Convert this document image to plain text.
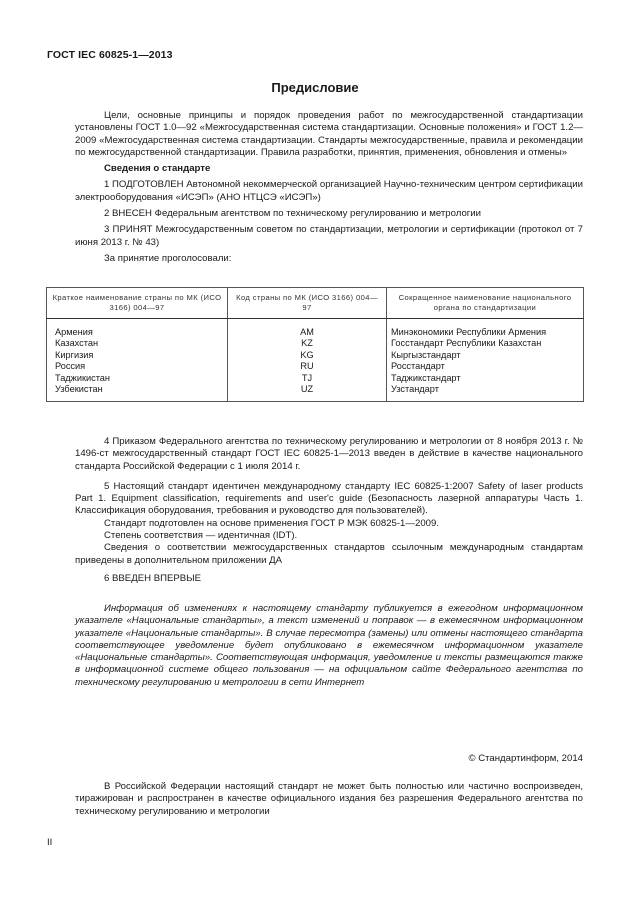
ГОСТ IEC 60825-1—2013
Предисловие

Цели, основные принципы и порядок проведения работ по межгосударственной стандартизации установлены ГОСТ 1.0—92 «Межгосударственная система стандартизации. Основные положения» и ГОСТ 1.2—2009 «Межгосударственная система стандартизации. Стандарты межгосударственные, правила и рекомендации по межгосударственной стандартизации. Правила разработки, принятия, применения, обновления и отмены»

Сведения о стандарте

1 ПОДГОТОВЛЕН Автономной некоммерческой организацией Научно-техническим центром сертификации электрооборудования «ИСЭП» (АНО НТЦСЭ «ИСЭП»)

2 ВНЕСЕН Федеральным агентством по техническому регулированию и метрологии

3 ПРИНЯТ Межгосударственным советом по стандартизации, метрологии и сертификации (протокол от 7 июня 2013 г. № 43)

За принятие проголосовали:

Краткое наименование страны по МК (ИСО 3166) 004—97	Код страны по МК (ИСО 3166) 004—97	Сокращенное наименование национального органа по стандартизации
Армения	AM	Минэкономики Республики Армения
Казахстан	KZ	Госстандарт Республики Казахстан
Киргизия	KG	Кыргызстандарт
Россия	RU	Росстандарт
Таджикистан	TJ	Таджикстандарт
Узбекистан	UZ	Узстандарт

4 Приказом Федерального агентства по техническому регулированию и метрологии от 8 ноября 2013 г. № 1496-ст межгосударственный стандарт ГОСТ IEC 60825-1—2013 введен в действие в качестве национального стандарта Российской Федерации с 1 июля 2014 г.

5 Настоящий стандарт идентичен международному стандарту IEC 60825-1:2007 Safety of laser products Part 1. Equipment classification, requirements and user'c guide (Безопасность лазерной аппаратуры Часть 1. Классификация оборудования, требования и руководство для пользователей).

Стандарт подготовлен на основе применения ГОСТ Р МЭК 60825-1—2009.

Степень соответствия — идентичная (IDT).

Сведения о соответствии межгосударственных стандартов ссылочным международным стандартам приведены в дополнительном приложении ДА

6 ВВЕДЕН ВПЕРВЫЕ

Информация об изменениях к настоящему стандарту публикуется в ежегодном информационном указателе «Национальные стандарты», а текст изменений и поправок — в ежемесячном информационном указателе «Национальные стандарты». В случае пересмотра (замены) или отмены настоящего стандарта соответствующее уведомление будет опубликовано в ежемесячном информационном указателе «Национальные стандарты». Соответствующая информация, уведомление и тексты размещаются также в информационной системе общего пользования — на официальном сайте Федерального агентства по техническому регулированию и метрологии в сети Интернет

© Стандартинформ, 2014

В Российской Федерации настоящий стандарт не может быть полностью или частично воспроизведен, тиражирован и распространен в качестве официального издания без разрешения Федерального агентства по техническому регулированию и метрологии

II
